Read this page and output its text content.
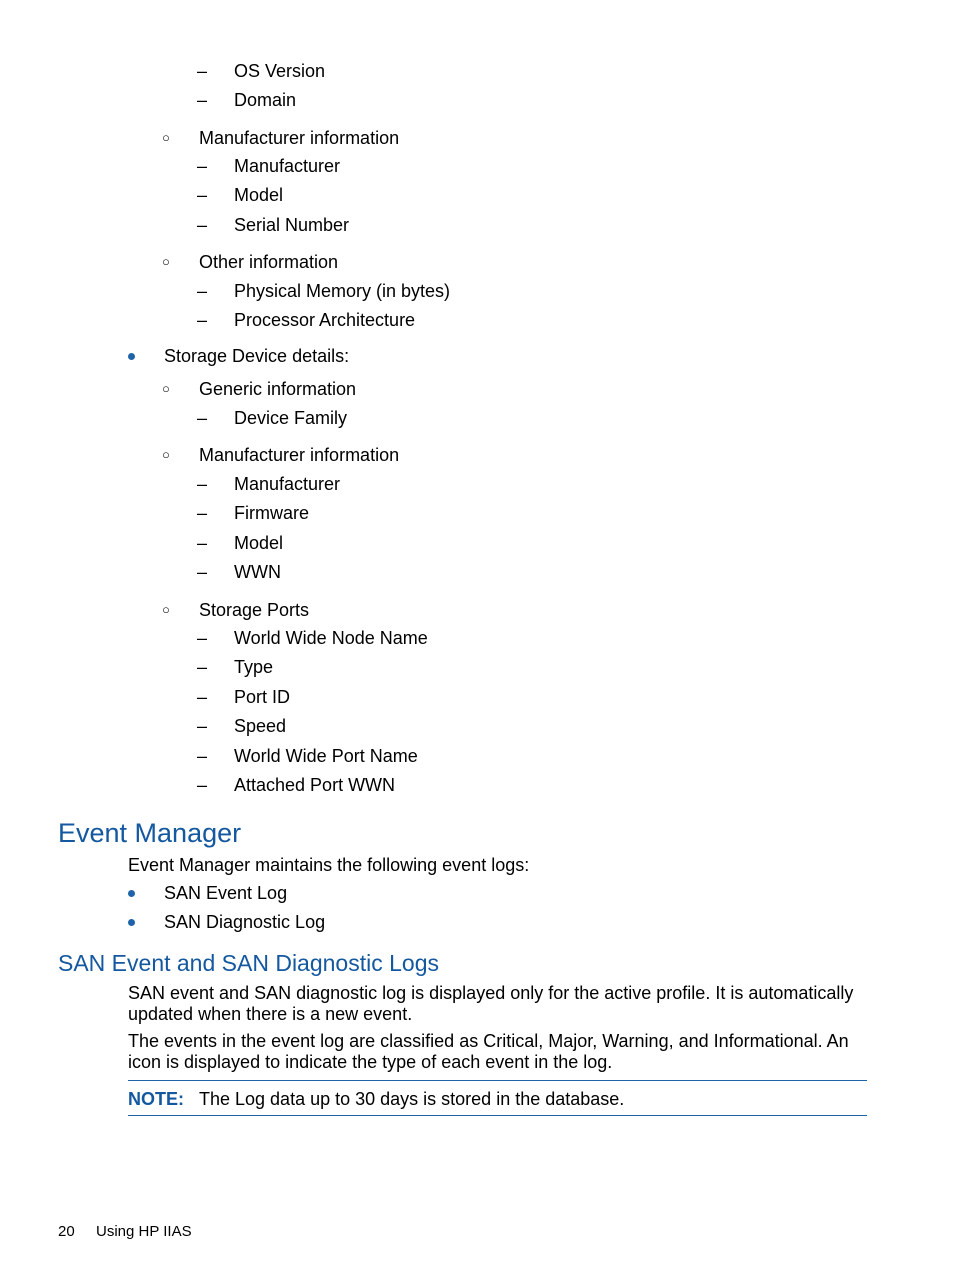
– OS Version
– Domain
○ Manufacturer information
– Manufacturer
– Model
– Serial Number
○ Other information
– Physical Memory (in bytes)
– Processor Architecture
Storage Device details:
○ Generic information
– Device Family
○ Manufacturer information
– Manufacturer
– Firmware
– Model
– WWN
○ Storage Ports
– World Wide Node Name
– Type
– Port ID
– Speed
– World Wide Port Name
– Attached Port WWN
Event Manager
Event Manager maintains the following event logs:
SAN Event Log
SAN Diagnostic Log
SAN Event and SAN Diagnostic Logs
SAN event and SAN diagnostic log is displayed only for the active profile. It is automatically updated when there is a new event.
The events in the event log are classified as Critical, Major, Warning, and Informational. An icon is displayed to indicate the type of each event in the log.
NOTE: The Log data up to 30 days is stored in the database.
20 Using HP IIAS
